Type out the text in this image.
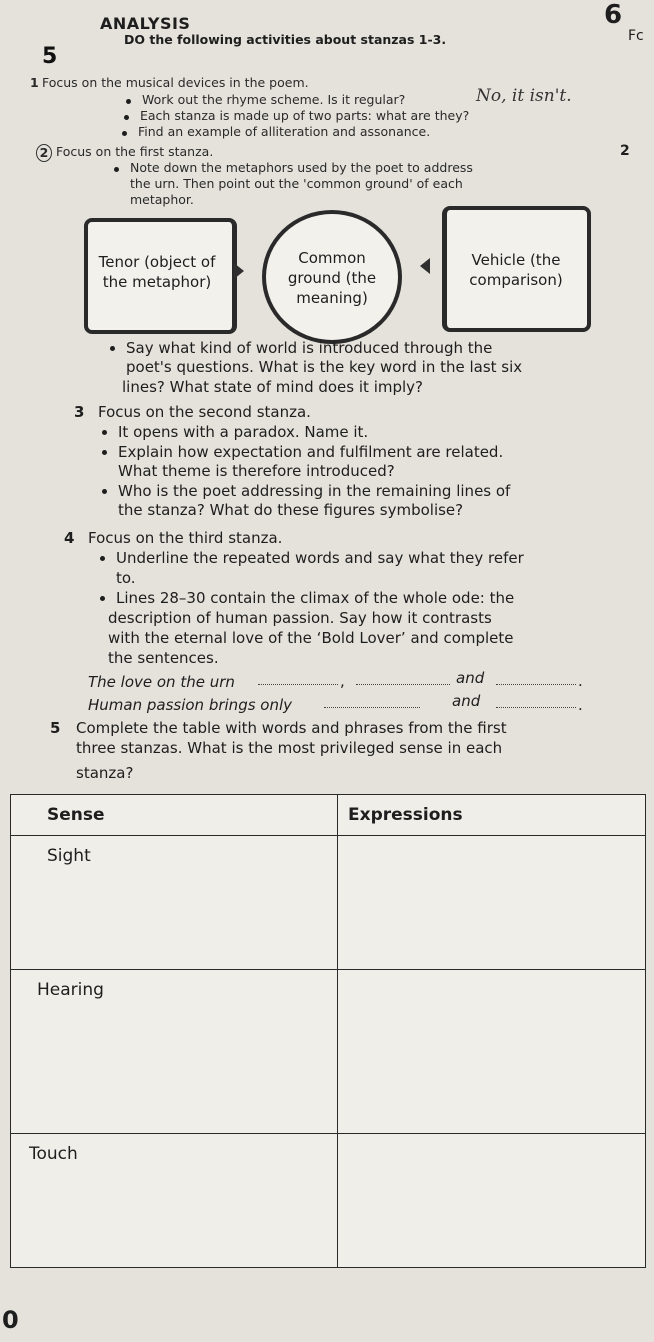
ANALYSIS
5
DO the following activities about stanzas 1-3.
6
Fc
1 Focus on the musical devices in the poem.
Work out the rhyme scheme. Is it regular?	No, it isn't.
Each stanza is made up of two parts: what are they?
Find an example of alliteration and assonance.
2 Focus on the first stanza.
Note down the metaphors used by the poet to address
the urn. Then point out the 'common ground' of each
metaphor.
Tenor (object of the metaphor)
Common ground (the meaning)
Vehicle (the comparison)
Say what kind of world is introduced through the
poet's questions. What is the key word in the last six
lines? What state of mind does it imply?
3 Focus on the second stanza.
It opens with a paradox. Name it.
Explain how expectation and fulfilment are related.
What theme is therefore introduced?
Who is the poet addressing in the remaining lines of
the stanza? What do these figures symbolise?
4 Focus on the third stanza.
Underline the repeated words and say what they refer
to.
Lines 28–30 contain the climax of the whole ode: the
description of human passion. Say how it contrasts
with the eternal love of the ‘Bold Lover’ and complete
the sentences.
The love on the urn	,	and	.
Human passion brings only	and	.
5 Complete the table with words and phrases from the first
three stanzas. What is the most privileged sense in each
stanza?
Sense	Expressions
Sight	
Hearing	
Touch	
2
0
